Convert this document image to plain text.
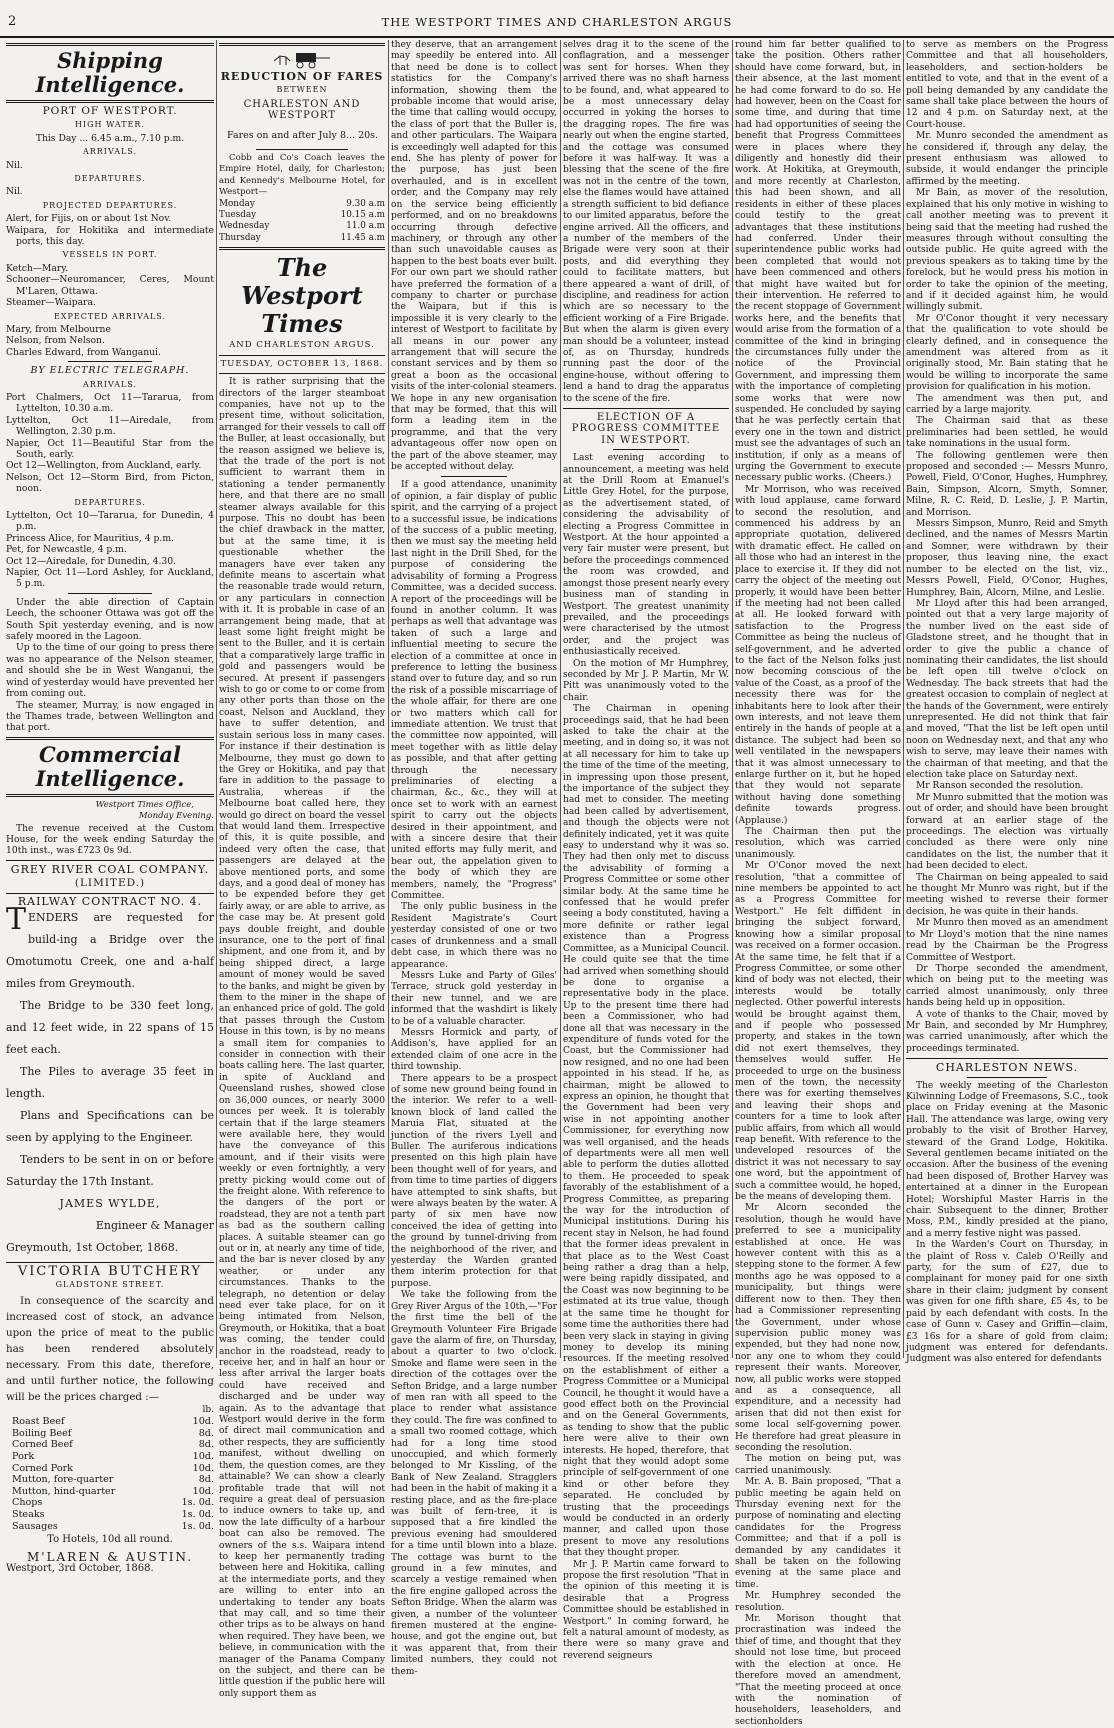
2	THE WESTPORT TIMES AND CHARLESTON ARGUS
Shipping Intelligence.
PORT OF WESTPORT.
HIGH WATER.
This Day ... 6.45 a.m., 7.10 p.m.
ARRIVALS.
Nil.
DEPARTURES.
Nil.
PROJECTED DEPARTURES.
Alert, for Fijis, on or about 1st Nov.
Waipara, for Hokitika and intermediate ports, this day.
VESSELS IN PORT.
Ketch—Mary.
Schooner—Neuromancer, Ceres, Mount M'Laren, Ottawa.
Steamer—Waipara.
EXPECTED ARRIVALS.
Mary, from Melbourne
Nelson, from Nelson.
Charles Edward, from Wanganui.
BY ELECTRIC TELEGRAPH.
ARRIVALS.
Port Chalmers, Oct 11—Tararua, from Lyttelton, 10.30 a.m.
Lyttelton, Oct 11—Airedale, from Wellington, 2.30 p.m.
Napier, Oct 11—Beautiful Star from the South, early.
Oct 12—Wellington, from Auckland, early.
Nelson, Oct 12—Storm Bird, from Picton, noon.
DEPARTURES.
Lyttelton, Oct 10—Tararua, for Dunedin, 4 p.m.
Princess Alice, for Mauritius, 4 p.m.
Pet, for Newcastle, 4 p.m.
Oct 12—Airedale, for Dunedin, 4.30.
Napier, Oct 11—Lord Ashley, for Auckland, 5 p.m.

Under the able direction of Captain Leech, the schooner Ottawa was got off the South Spit yesterday evening, and is now safely moored in the Lagoon.

Up to the time of our going to press there was no appearance of the Nelson steamer, and should she be in West Wanganui, the wind of yesterday would have prevented her from coming out.

The steamer, Murray, is now engaged in the Thames trade, between Wellington and that port.

Commercial Intelligence.
Westport Times Office,
Monday Evening.

The revenue received at the Custom House, for the week ending Saturday the 10th inst., was £723 0s 9d.

GREY RIVER COAL COMPANY.
(LIMITED.)
RAILWAY CONTRACT NO. 4.
TENDERS are requested for build-ing a Bridge over the Omotumotu Creek, one and a-half miles from Greymouth.
The Bridge to be 330 feet long, and 12 feet wide, in 22 spans of 15 feet each.
The Piles to average 35 feet in length.
Plans and Specifications can be seen by applying to the Engineer.
Tenders to be sent in on or before Saturday the 17th Instant.
JAMES WYLDE,
Engineer & Manager
Greymouth, 1st October, 1868.
VICTORIA BUTCHERY
GLADSTONE STREET.
In consequence of the scarcity and increased cost of stock, an advance upon the price of meat to the public has been rendered absolutely necessary. From this date, therefore, and until further notice, the following will be the prices charged :—
lb.
Roast Beef	10d.
Boiling Beef	8d.
Corned Beef	8d.
Pork	10d.
Corned Pork	10d.
Mutton, fore-quarter	8d.
Mutton, hind-quarter	10d.
Chops	1s. 0d.
Steaks	1s. 0d.
Sausages	1s. 0d.
To Hotels, 10d all round.
M'LAREN & AUSTIN.
Westport, 3rd October, 1868.
REDUCTION OF FARES
BETWEEN
CHARLESTON AND WESTPORT
Fares on and after July 8... 20s.

Cobb and Co's Coach leaves the Empire Hotel, daily, for Charleston; and Kennedy's Melbourne Hotel, for Westport—

Monday	9.30 a.m
Tuesday	10.15 a.m
Wednesday	11.0 a.m
Thursday	11.45 a.m
The Westport Times
AND CHARLESTON ARGUS.
TUESDAY, OCTOBER 13, 1868.

It is rather surprising that the directors of the larger steamboat companies, have not up to the present time, without solicitation, arranged for their vessels to call off the Buller, at least occasionally, but the reason assigned we believe is, that the trade of the port is not sufficient to warrant them in stationing a tender permanently here, and that there are no small steamer always available for this purpose. This no doubt has been the chief drawback in the matter, but at the same time, it is questionable whether the managers have ever taken any definite means to ascertain what the reasonable trade would return, or any particulars in connection with it. It is probable in case of an arrangement being made, that at least some light freight might be sent to the Buller, and it is certain that a comparatively large traffic in gold and passengers would be secured. At present if passengers wish to go or come to or come from any other ports than those on the coast, Nelson and Auckland, they have to suffer detention, and sustain serious loss in many cases. For instance if their destination is Melbourne, they must go down to the Grey or Hokitika, and pay that fare in addition to the passage to Australia, whereas if the Melbourne boat called here, they would go direct on board the vessel that would land them. Irrespective of this, it is quite possible, and indeed very often the case, that passengers are delayed at the above mentioned ports, and some days, and a good deal of money has to be expended before they get fairly away, or are able to arrive, as the case may be. At present gold pays double freight, and double insurance, one to the port of final shipment, and one from it, and by being shipped direct, a large amount of money would be saved to the banks, and might be given by them to the miner in the shape of an enhanced price of gold. The gold that passes through the Custom House in this town, is by no means a small item for companies to consider in connection with their boats calling here. The last quarter, in spite of Auckland and Queensland rushes, showed close on 36,000 ounces, or nearly 3000 ounces per week. It is tolerably certain that if the large steamers were available here, they would have the conveyance of this amount, and if their visits were weekly or even fortnightly, a very pretty picking would come out of the freight alone. With reference to the dangers of the port or roadstead, they are not a tenth part as bad as the southern calling places. A suitable steamer can go out or in, at nearly any time of tide, and the bar is never closed by any weather, or under any circumstances. Thanks to the telegraph, no detention or delay need ever take place, for on it being intimated from Nelson, Greymouth, or Hokitika, that a boat was coming, the tender could anchor in the roadstead, ready to receive her, and in half an hour or less after arrival the larger boats could have received and discharged and be under way again. As to the advantage that Westport would derive in the form of direct mail communication and other respects, they are sufficiently manifest, without dwelling on them, the question comes, are they attainable? We can show a clearly profitable trade that will not require a great deal of persuasion to induce owners to take up, and now the late difficulty of a harbour boat can also be removed. The owners of the s.s. Waipara intend to keep her permanently trading between here and Hokitika, calling at the intermediate ports, and they are willing to enter into an undertaking to tender any boats that may call, and so time their other trips as to be always on hand when required. They have been, we believe, in communication with the manager of the Panama Company on the subject, and there can be little question if the public here will only support them as

they deserve, that an arrangement may speedily be entered into. All that need be done is to collect statistics for the Company's information, showing them the probable income that would arise, the time that calling would occupy, the class of port that the Buller is, and other particulars. The Waipara is exceedingly well adapted for this end. She has plenty of power for the purpose, has just been overhauled, and is in excellent order, and the Company may rely on the service being efficiently performed, and on no breakdowns occurring through defective machinery, or through any other than such unavoidable causes as happen to the best boats ever built. For our own part we should rather have preferred the formation of a company to charter or purchase the Waipara, but if this is impossible it is very clearly to the interest of Westport to facilitate by all means in our power any arrangement that will secure the constant services and by them so great a boon as the occasional visits of the inter-colonial steamers. We hope in any new organisation that may be formed, that this will form a leading item in the programme, and that the very advantageous offer now open on the part of the above steamer, may be accepted without delay.

If a good attendance, unanimity of opinion, a fair display of public spirit, and the carrying of a project to a successful issue, be indications of the success of a public meeting, then we must say the meeting held last night in the Drill Shed, for the purpose of considering the advisability of forming a Progress Committee, was a decided success. A report of the proceedings will be found in another column. It was perhaps as well that advantage was taken of such a large and influential meeting to secure the election of a committee at once in preference to letting the business stand over to future day, and so run the risk of a possible miscarriage of the whole affair, for there are one or two matters which call for immediate attention. We trust that the committee now appointed, will meet together with as little delay as possible, and that after getting through the necessary preliminaries of electing a chairman, &c., &c., they will at once set to work with an earnest spirit to carry out the objects desired in their appointment, and with a sincere desire that their united efforts may fully merit, and bear out, the appelation given to the body of which they are members, namely, the "Progress" Committee.

The only public business in the Resident Magistrate's Court yesterday consisted of one or two cases of drunkenness and a small debt case, in which there was no appearance.

Messrs Luke and Party of Giles' Terrace, struck gold yesterday in their new tunnel, and we are informed that the washdirt is likely to be of a valuable character.

Messrs Hormick and party, of Addison's, have applied for an extended claim of one acre in the third township.

There appears to be a prospect of some new ground being found in the interior. We refer to a well-known block of land called the Maruia Flat, situated at the junction of the rivers Lyell and Buller. The auriferous indications presented on this high plain have been thought well of for years, and from time to time parties of diggers have attempted to sink shafts, but were always beaten by the water. A party of six men have now conceived the idea of getting into the ground by tunnel-driving from the neighborhood of the river, and yesterday the Warden granted them interim protection for that purpose.

We take the following from the Grey River Argus of the 10th,—"For the first time the bell of the Greymouth Volunteer Fire Brigade gave the alarm of fire, on Thursday, about a quarter to two o'clock. Smoke and flame were seen in the direction of the cottages over the Sefton Bridge, and a large number of men ran with all speed to the place to render what assistance they could. The fire was confined to a small two roomed cottage, which had for a long time stood unoccupied, and which formerly belonged to Mr Kissling, of the Bank of New Zealand. Stragglers had been in the habit of making it a resting place, and as the fire-place was built of fern-tree, it is supposed that a fire kindled the previous evening had smouldered for a time until blown into a blaze. The cottage was burnt to the ground in a few minutes, and scarcely a vestige remained when the fire engine galloped across the Sefton Bridge. When the alarm was given, a number of the volunteer firemen mustered at the engine-house, and got the engine out, but it was apparent that, from their limited numbers, they could not them-

selves drag it to the scene of the conflagration, and a messenger was sent for horses. When they arrived there was no shaft harness to be found, and, what appeared to be a most unnecessary delay occurred in yoking the horses to the dragging ropes. The fire was nearly out when the engine started, and the cottage was consumed before it was half-way. It was a blessing that the scene of the fire was not in the centre of the town, else the flames would have attained a strength sufficient to bid defiance to our limited apparatus, before the engine arrived. All the officers, and a number of the members of the Brigade were very soon at their posts, and did everything they could to facilitate matters, but there appeared a want of drill, of discipline, and readiness for action which are so necessary to the efficient working of a Fire Brigade. But when the alarm is given every man should be a volunteer, instead of, as on Thursday, hundreds running past the door of the engine-house, without offering to lend a hand to drag the apparatus to the scene of the fire.

ELECTION OF A PROGRESS COMMITTEE IN WESTPORT.

Last evening according to announcement, a meeting was held at the Drill Room at Emanuel's Little Grey Hotel, for the purpose, as the advertisement stated, of considering the advisability of electing a Progress Committee in Westport. At the hour appointed a very fair muster were present, but before the proceedings commenced the room was crowded, and amongst those present nearly every business man of standing in Westport. The greatest unanimity prevailed, and the proceedings were characterised by the utmost order, and the project was enthusiastically received.

On the motion of Mr Humphrey, seconded by Mr J. P. Martin, Mr W. Pitt was unanimously voted to the chair.

The Chairman in opening proceedings said, that he had been asked to take the chair at the meeting, and in doing so, it was not at all necessary for him to take up the time of the time of the meeting, in impressing upon those present, the importance of the subject they had met to consider. The meeting had been called by advertisement, and though the objects were not definitely indicated, yet it was quite easy to understand why it was so. They had then only met to discuss the advisability of forming a Progress Committee or some other similar body. At the same time he confessed that he would prefer seeing a body constituted, having a more definite or rather legal existence than a Progress Committee, as a Municipal Council. He could quite see that the time had arrived when something should be done to organise a representative body in the place. Up to the present time there had been a Commissioner, who had done all that was necessary in the expenditure of funds voted for the Coast, but the Commissioner had now resigned, and no one had been appointed in his stead. If he, as chairman, might be allowed to express an opinion, he thought that the Government had been very wise in not appointing another Commissioner, for everything now was well organised, and the heads of departments were all men well able to perform the duties allotted to them. He proceeded to speak favorably of the establishment of a Progress Committee, as preparing the way for the introduction of Municipal institutions. During his recent stay in Nelson, he had found that the former ideas prevalent in that place as to the West Coast being rather a drag than a help, were being rapidly dissipated, and the Coast was now beginning to be estimated at its true value, though at the same time he thought for some time the authorities there had been very slack in staying in giving money to develop its mining resources. If the meeting resolved on the establishment of either a Progress Committee or a Municipal Council, he thought it would have a good effect both on the Provincial and on the General Governments, as tending to show that the public here were alive to their own interests. He hoped, therefore, that night that they would adopt some principle of self-government of one kind or other before they separated. He concluded by trusting that the proceedings would be conducted in an orderly manner, and called upon those present to move any resolutions that they thought proper.

Mr J. P. Martin came forward to propose the first resolution "That in the opinion of this meeting it is desirable that a Progress Committee should be established in Westport." In coming forward, he felt a natural amount of modesty, as there were so many grave and reverend seigneurs

round him far better qualified to take the position. Others rather should have come forward, but, in their absence, at the last moment he had come forward to do so. He had however, been on the Coast for some time, and during that time had had opportunities of seeing the benefit that Progress Committees were in places where they diligently and honestly did their work. At Hokitika, at Greymouth, and more recently at Charleston, this had been shown, and all residents in either of these places could testify to the great advantages that these institutions had conferred. Under their superintendence public works had been completed that would not have been commenced and others that might have waited but for their intervention. He referred to the recent stoppage of Government works here, and the benefits that would arise from the formation of a committee of the kind in bringing the circumstances fully under the notice of the Provincial Government, and impressing them with the importance of completing some works that were now suspended. He concluded by saying that he was perfectly certain that every one in the town and district must see the advantages of such an institution, if only as a means of urging the Government to execute necessary public works. (Cheers.)

Mr Morrison, who was received with loud applause, came forward to second the resolution, and commenced his address by an appropriate quotation, delivered with dramatic effect. He called on all those who had an interest in the place to exercise it. If they did not carry the object of the meeting out properly, it would have been better if the meeting had not been called at all. He looked forward with satisfaction to the Progress Committee as being the nucleus of self-government, and he adverted to the fact of the Nelson folks just now becoming conscious of the value of the Coast, as a proof of the necessity there was for the inhabitants here to look after their own interests, and not leave them entirely in the hands of people at a distance. The subject had been so well ventilated in the newspapers that it was almost unnecessary to enlarge further on it, but he hoped that they would not separate without having done something definite towards progress. (Applause.)

The Chairman then put the resolution, which was carried unanimously.

Mr O'Conor moved the next resolution, "that a committee of nine members be appointed to act as a Progress Committee for Westport." He felt diffident in bringing the subject forward, knowing how a similar proposal was received on a former occasion. At the same time, he felt that if a Progress Committee, or some other kind of body was not elected, their interests would be totally neglected. Other powerful interests would be brought against them, and if people who possessed property, and stakes in the town did not exert themselves, they themselves would suffer. He proceeded to urge on the business men of the town, the necessity there was for exerting themselves and leaving their shops and counters for a time to look after public affairs, from which all would reap benefit. With reference to the undeveloped resources of the district it was not necessary to say one word, but the appointment of such a committee would, he hoped, be the means of developing them.

Mr Alcorn seconded the resolution, though he would have preferred to see a municipality established at once. He was however content with this as a stepping stone to the former. A few months ago he was opposed to a municipality, but things were different now to then. They then had a Commissioner representing the Government, under whose supervision public money was expended, but they had none now, nor any one to whom they could represent their wants. Moreover, now, all public works were stopped and as a consequence, all expenditure, and a necessity had arisen that did not then exist for some local self-governing power. He therefore had great pleasure in seconding the resolution.

The motion on being put, was carried unanimously.

Mr. A. B. Bain proposed, "That a public meeting be again held on Thursday evening next for the purpose of nominating and electing candidates for the Progress Committee; and that if a poll is demanded by any candidates it shall be taken on the following evening at the same place and time.

Mr. Humphrey seconded the resolution.

Mr. Morison thought that procrastination was indeed the thief of time, and thought that they should not lose time, but proceed with the election at once. He therefore moved an amendment, "That the meeting proceed at once with the nomination of householders, leaseholders, and sectionholders

to serve as members on the Progress Committee and that all householders, leaseholders, and section-holders be entitled to vote, and that in the event of a poll being demanded by any candidate the same shall take place between the hours of 12 and 4 p.m. on Saturday next, at the Court-house.

Mr. Munro seconded the amendment as he considered if, through any delay, the present enthusiasm was allowed to subside, it would endanger the principle affirmed by the meeting.

Mr Bain, as mover of the resolution, explained that his only motive in wishing to call another meeting was to prevent it being said that the meeting had rushed the measures through without consulting the outside public. He quite agreed with the previous speakers as to taking time by the forelock, but he would press his motion in order to take the opinion of the meeting, and if it decided against him, he would willingly submit.

Mr O'Conor thought it very necessary that the qualification to vote should be clearly defined, and in consequence the amendment was altered from as it originally stood, Mr. Bain stating that he would be willing to incorporate the same provision for qualification in his motion.

The amendment was then put, and carried by a large majority.

The Chairman said that as these preliminaries had been settled, he would take nominations in the usual form.

The following gentlemen were then proposed and seconded :— Messrs Munro, Powell, Field, O'Conor, Hughes, Humphrey, Bain, Simpson, Alcorn, Smyth, Somner, Milne, R. C. Reid, D. Leslie, J. P. Martin, and Morrison.

Messrs Simpson, Munro, Reid and Smyth declined, and the names of Messrs Martin and Somner, were withdrawn by their proposer, thus leaving nine, the exact number to be elected on the list, viz., Messrs Powell, Field, O'Conor, Hughes, Humphrey, Bain, Alcorn, Milne, and Leslie.

Mr Lloyd after this had been arranged, pointed out that a very large majority of the number lived on the east side of Gladstone street, and he thought that in order to give the public a chance of nominating their candidates, the list should be left open till twelve o'clock on Wednesday. The back streets that had the greatest occasion to complain of neglect at the hands of the Government, were entirely unrepresented. He did not think that fair and moved, "That the list be left open until noon on Wednesday next, and that any who wish to serve, may leave their names with the chairman of that meeting, and that the election take place on Saturday next.

Mr Ranson seconded the resolution.

Mr Munro submitted that the motion was out of order, and should have been brought forward at an earlier stage of the proceedings. The election was virtually concluded as there were only nine candidates on the list, the number that it had been decided to elect.

The Chairman on being appealed to said he thought Mr Munro was right, but if the meeting wished to reverse their former decision, he was quite in their hands.

Mr Munro then moved as an amendment to Mr Lloyd's motion that the nine names read by the Chairman be the Progress Committee of Westport.

Dr Thorpe seconded the amendment, which on being put to the meeting was carried almost unanimously, only three hands being held up in opposition.

A vote of thanks to the Chair, moved by Mr Bain, and seconded by Mr Humphrey, was carried unanimously, after which the proceedings terminated.

CHARLESTON NEWS.

The weekly meeting of the Charleston Kilwinning Lodge of Freemasons, S.C., took place on Friday evening at the Masonic Hall. The attendance was large, owing very probably to the visit of Brother Harvey, steward of the Grand Lodge, Hokitika. Several gentlemen became initiated on the occasion. After the business of the evening had been disposed of, Brother Harvey was entertained at a dinner in the European Hotel; Worshipful Master Harris in the chair. Subsequent to the dinner, Brother Moss, P.M., kindly presided at the piano, and a merry festive night was passed.

In the Warden's Court on Thursday, in the plaint of Ross v. Caleb O'Reilly and party, for the sum of £27, due to complainant for money paid for one sixth share in their claim; judgment by consent was given for one fifth share, £5 4s, to be paid by each defendant with costs. In the case of Gunn v. Casey and Griffin—claim, £3 16s for a share of gold from claim; judgment was entered for defendants. Judgment was also entered for defendants
